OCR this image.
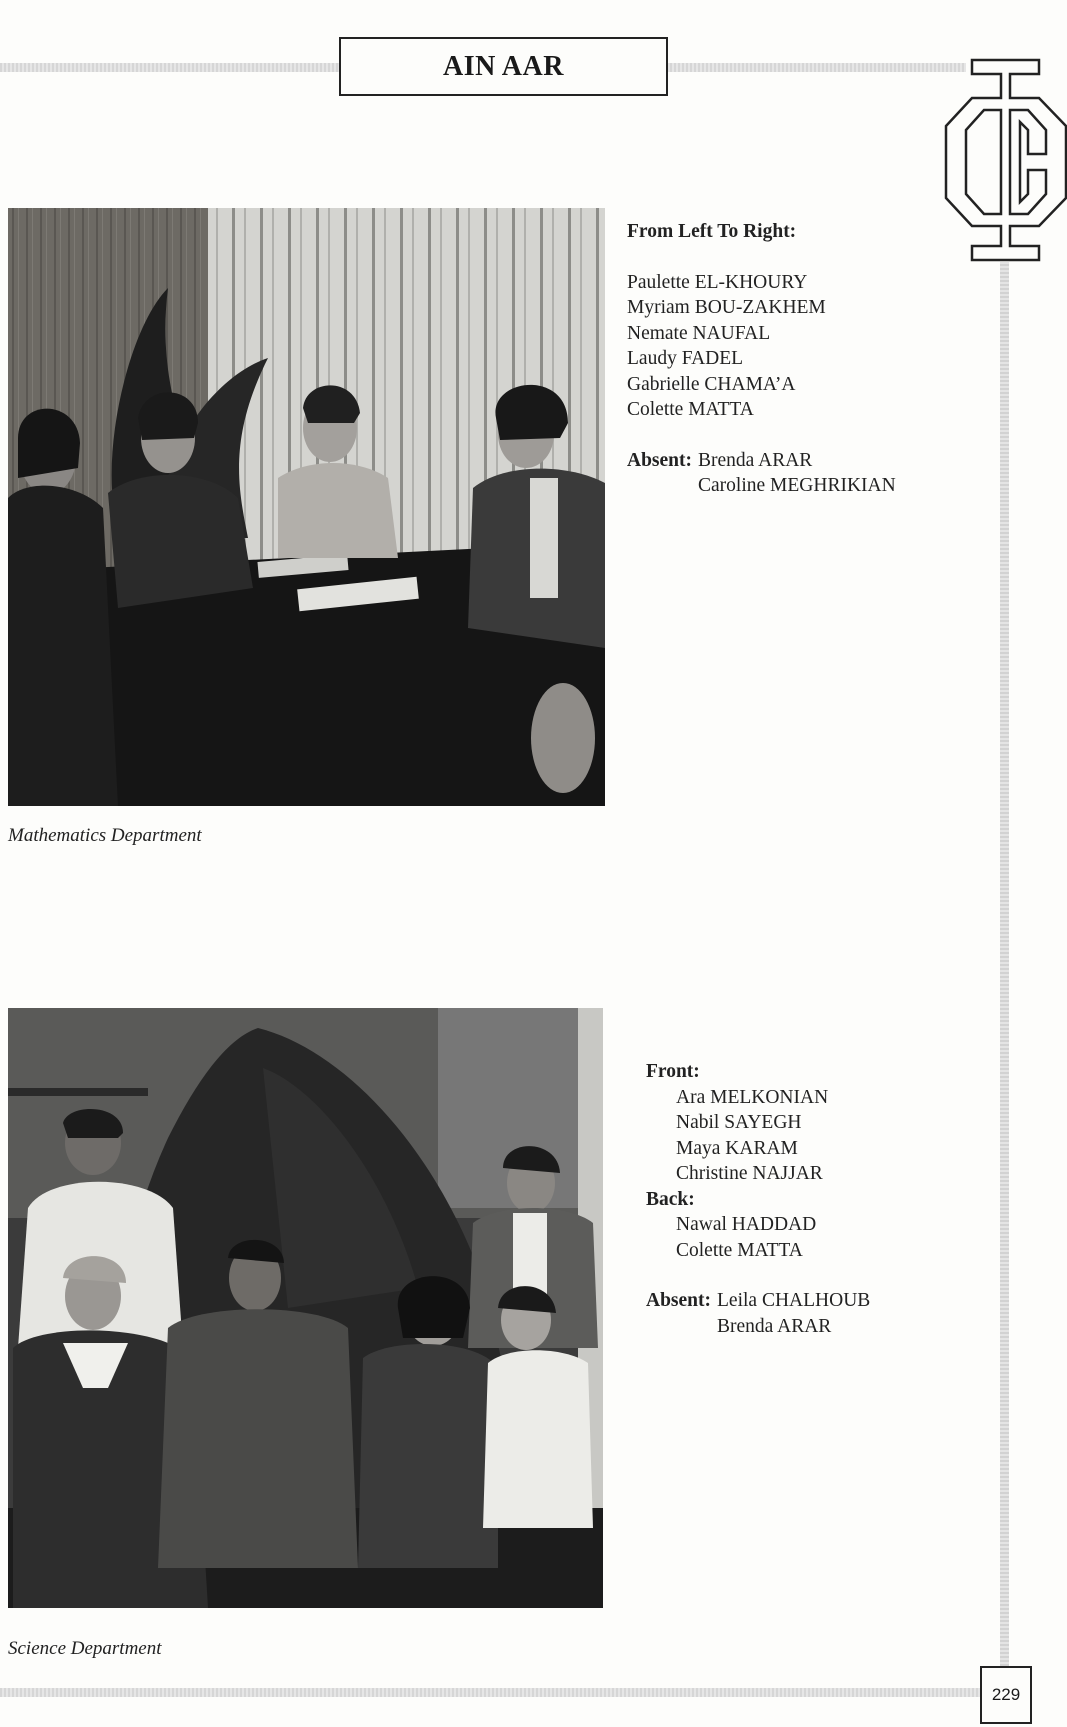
AIN AAR
From Left To Right:
Paulette EL-KHOURY
Myriam BOU-ZAKHEM
Nemate NAUFAL
Laudy FADEL
Gabrielle CHAMA’A
Colette MATTA
Absent: Brenda ARAR
Caroline MEGHRIKIAN
Mathematics Department
Front:
Ara MELKONIAN
Nabil SAYEGH
Maya KARAM
Christine NAJJAR
Back:
Nawal HADDAD
Colette MATTA
Absent: Leila CHALHOUB
Brenda ARAR
Science Department
229
